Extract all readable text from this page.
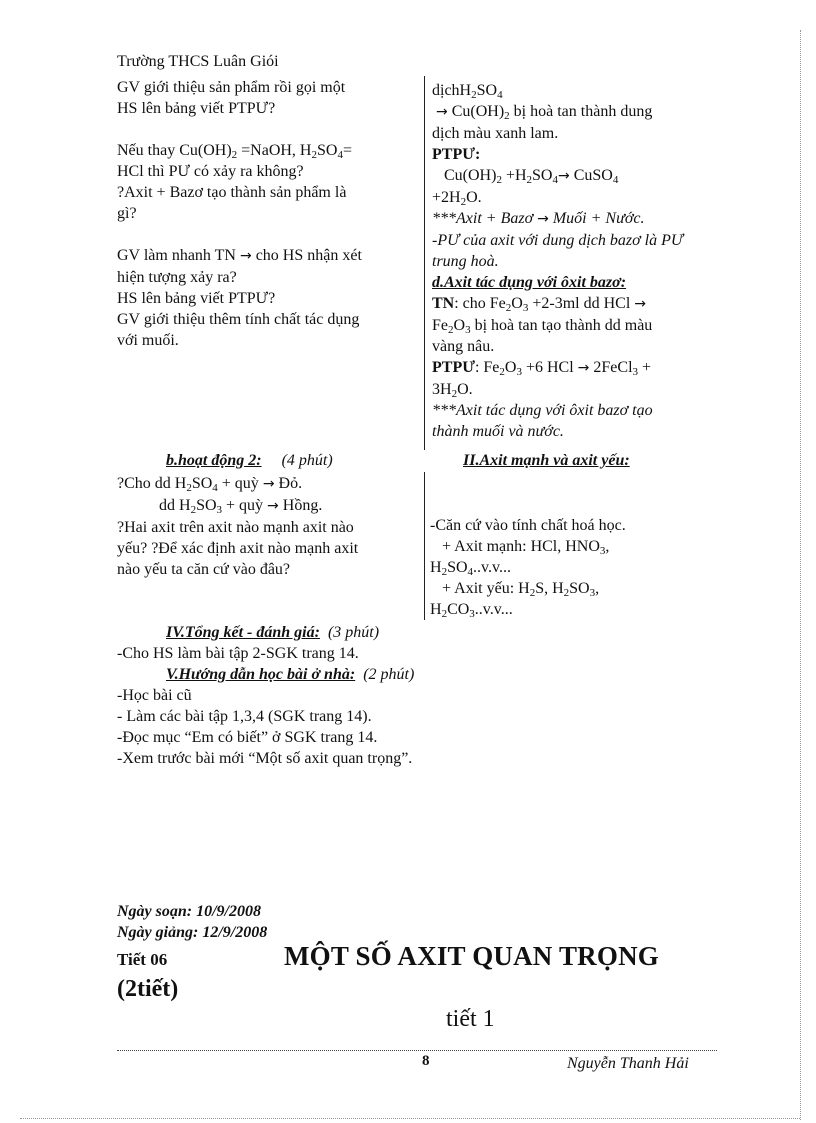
Trường THCS Luân Giói
GV giới thiệu sản phẩm rồi gọi một
HS lên bảng viết PTPƯ?

Nếu thay $Cu(OH)_2$ =NaOH, $H_2SO_4=$
HCl thì PƯ có xảy ra không?
?Axit + Bazơ tạo thành sản phẩm là
gì?

GV làm nhanh TN → cho HS nhận xét
hiện tượng xảy ra?
HS lên bảng viết PTPƯ?
GV giới thiệu thêm tính chất tác dụng
với muối.
$dịchH_2SO_4$
→ $Cu(OH)_2$ bị hoà tan thành dung
dịch màu xanh lam.
PTPƯ:
$Cu(OH)_2 +H_2SO_4\to$ CuSO$_4$
$+2H_2O$.
***Axit + Bazơ → Muối + Nước.
-PƯ của axit với dung dịch bazơ là PƯ
trung hoà.
d.Axit tác dụng với ôxit bazơ:
TN: cho $Fe_2O_3 +2-3ml$ dd HCl →
$Fe_2O_3$ bị hoà tan tạo thành dd màu
vàng nâu.
PTPƯ: $Fe_2O_3 +6$ HCl → 2FeCl$_3$ +
$3H_2O$.
***Axit tác dụng với ôxit bazơ tạo
thành muối và nước.
b.hoạt động 2: (4 phút)	II.Axit mạnh và axit yếu:
?Cho dd $H_2SO_4$ + quỳ → Đỏ.
dd $H_2SO_3$ + quỳ → Hồng.
?Hai axit trên axit nào mạnh axit nào
yếu? ?Để xác định axit nào mạnh axit
nào yếu ta căn cứ vào đâu?
-Căn cứ vào tính chất hoá học.
+ Axit mạnh: HCl, $HNO_3$,
$H_2SO_4..v.v$...
+ Axit yếu: $H_2S$, $H_2SO_3$,
$H_2CO_3..v.v$...
IV.Tổng kết - đánh giá: (3 phút)
-Cho HS làm bài tập 2-SGK trang 14.
V.Hướng dẫn học bài ở nhà: (2 phút)
-Học bài cũ
- Làm các bài tập 1,3,4 (SGK trang 14).
-Đọc mục “Em có biết” ở SGK trang 14.
-Xem trước bài mới “Một số axit quan trọng”.
Ngày soạn: 10/9/2008
Ngày giảng: 12/9/2008
Tiết 06	MỘT SỐ AXIT QUAN TRỌNG
(2tiết)
tiết 1
8	Nguyễn Thanh Hải
